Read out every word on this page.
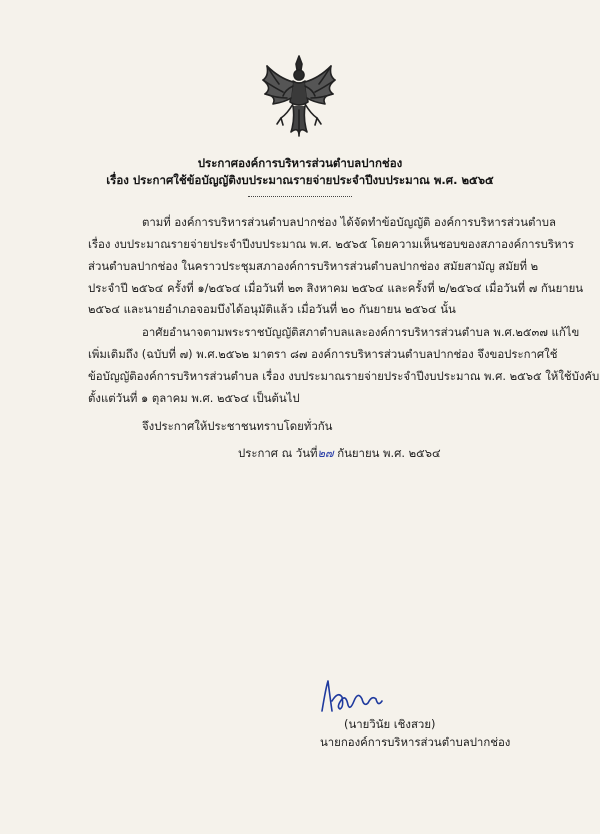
ประกาศองค์การบริหารส่วนตำบลปากช่อง
เรื่อง ประกาศใช้ข้อบัญญัติงบประมาณรายจ่ายประจำปีงบประมาณ พ.ศ. ๒๕๖๕
ตามที่ องค์การบริหารส่วนตำบลปากช่อง ได้จัดทำข้อบัญญัติ องค์การบริหารส่วนตำบล
เรื่อง งบประมาณรายจ่ายประจำปีงบประมาณ พ.ศ. ๒๕๖๕ โดยความเห็นชอบของสภาองค์การบริหาร
ส่วนตำบลปากช่อง ในคราวประชุมสภาองค์การบริหารส่วนตำบลปากช่อง สมัยสามัญ สมัยที่ ๒
ประจำปี ๒๕๖๔ ครั้งที่ ๑/๒๕๖๔ เมื่อวันที่ ๒๓ สิงหาคม ๒๕๖๔ และครั้งที่ ๒/๒๕๖๔ เมื่อวันที่ ๗ กันยายน
๒๕๖๔ และนายอำเภอจอมบึงได้อนุมัติแล้ว เมื่อวันที่ ๒๐ กันยายน ๒๕๖๔ นั้น
อาศัยอำนาจตามพระราชบัญญัติสภาตำบลและองค์การบริหารส่วนตำบล พ.ศ.๒๕๓๗ แก้ไข
เพิ่มเติมถึง (ฉบับที่ ๗) พ.ศ.๒๕๖๒ มาตรา ๘๗ องค์การบริหารส่วนตำบลปากช่อง จึงขอประกาศใช้
ข้อบัญญัติองค์การบริหารส่วนตำบล เรื่อง งบประมาณรายจ่ายประจำปีงบประมาณ พ.ศ. ๒๕๖๕ ให้ใช้บังคับ
ตั้งแต่วันที่ ๑ ตุลาคม พ.ศ. ๒๕๖๔ เป็นต้นไป
จึงประกาศให้ประชาชนทราบโดยทั่วกัน
ประกาศ ณ วันที่๒๗ กันยายน พ.ศ. ๒๕๖๔
(นายวินัย เชิงสวย)
นายกองค์การบริหารส่วนตำบลปากช่อง
